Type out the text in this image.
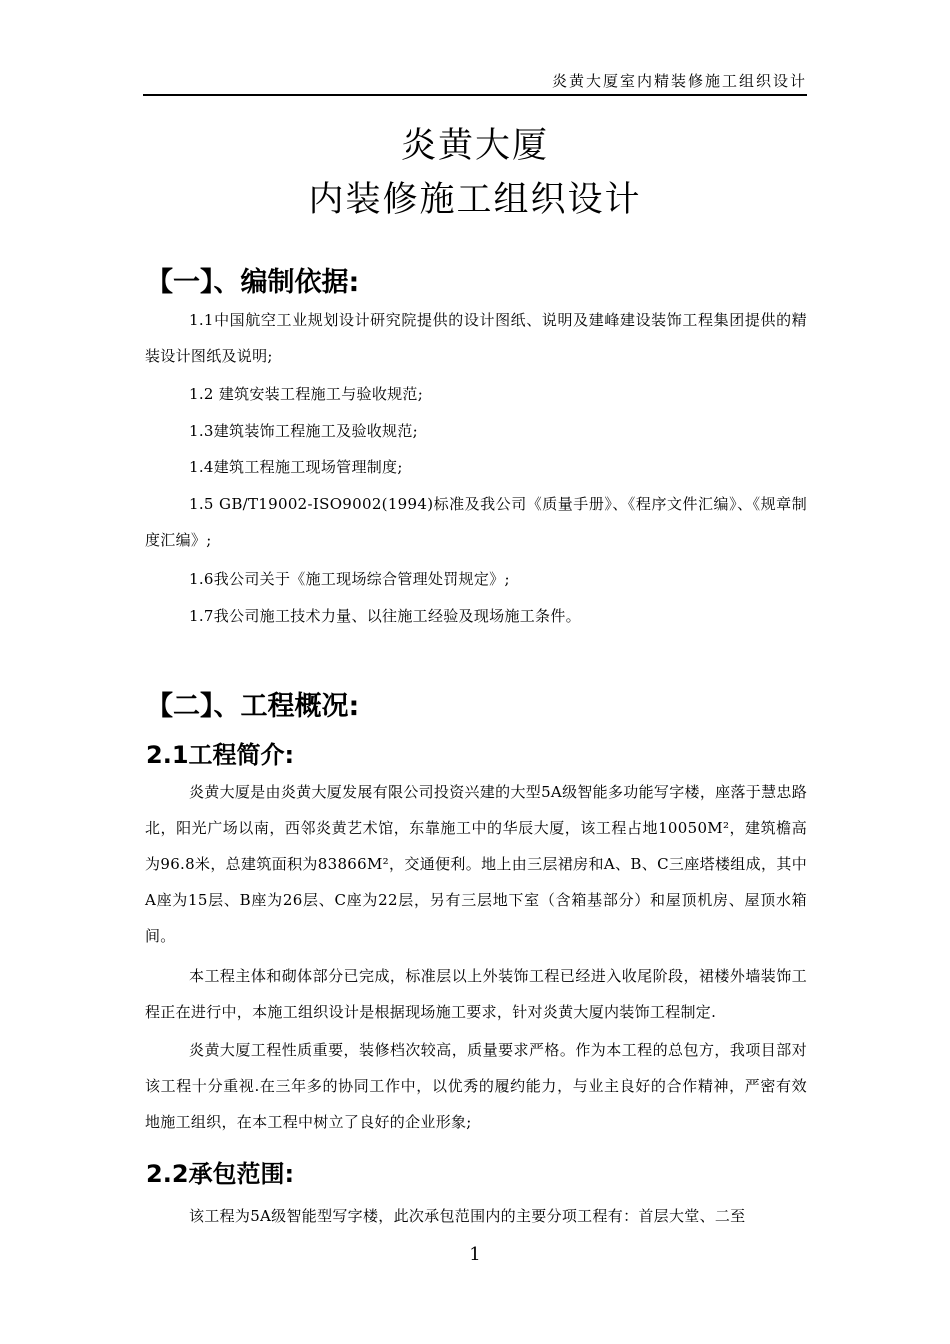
炎黄大厦室内精装修施工组织设计
炎黄大厦
内装修施工组织设计
【一】、编制依据:
1.1中国航空工业规划设计研究院提供的设计图纸、说明及建峰建设装饰工程集团提供的精装设计图纸及说明;
1.2 建筑安装工程施工与验收规范;
1.3建筑装饰工程施工及验收规范;
1.4建筑工程施工现场管理制度;
1.5 GB/T19002-ISO9002(1994)标准及我公司《质量手册》、《程序文件汇编》、《规章制度汇编》;
1.6我公司关于《施工现场综合管理处罚规定》;
1.7我公司施工技术力量、以往施工经验及现场施工条件。
【二】、工程概况:
2.1工程简介:
炎黄大厦是由炎黄大厦发展有限公司投资兴建的大型5A级智能多功能写字楼，座落于慧忠路北，阳光广场以南，西邻炎黄艺术馆，东靠施工中的华辰大厦，该工程占地10050M²，建筑檐高为96.8米，总建筑面积为83866M²，交通便利。地上由三层裙房和A、B、C三座塔楼组成，其中A座为15层、B座为26层、C座为22层，另有三层地下室（含箱基部分）和屋顶机房、屋顶水箱间。
本工程主体和砌体部分已完成，标准层以上外装饰工程已经进入收尾阶段，裙楼外墙装饰工程正在进行中，本施工组织设计是根据现场施工要求，针对炎黄大厦内装饰工程制定.
炎黄大厦工程性质重要，装修档次较高，质量要求严格。作为本工程的总包方，我项目部对该工程十分重视.在三年多的协同工作中，以优秀的履约能力，与业主良好的合作精神，严密有效地施工组织，在本工程中树立了良好的企业形象;
2.2承包范围:
该工程为5A级智能型写字楼，此次承包范围内的主要分项工程有：首层大堂、二至
1
